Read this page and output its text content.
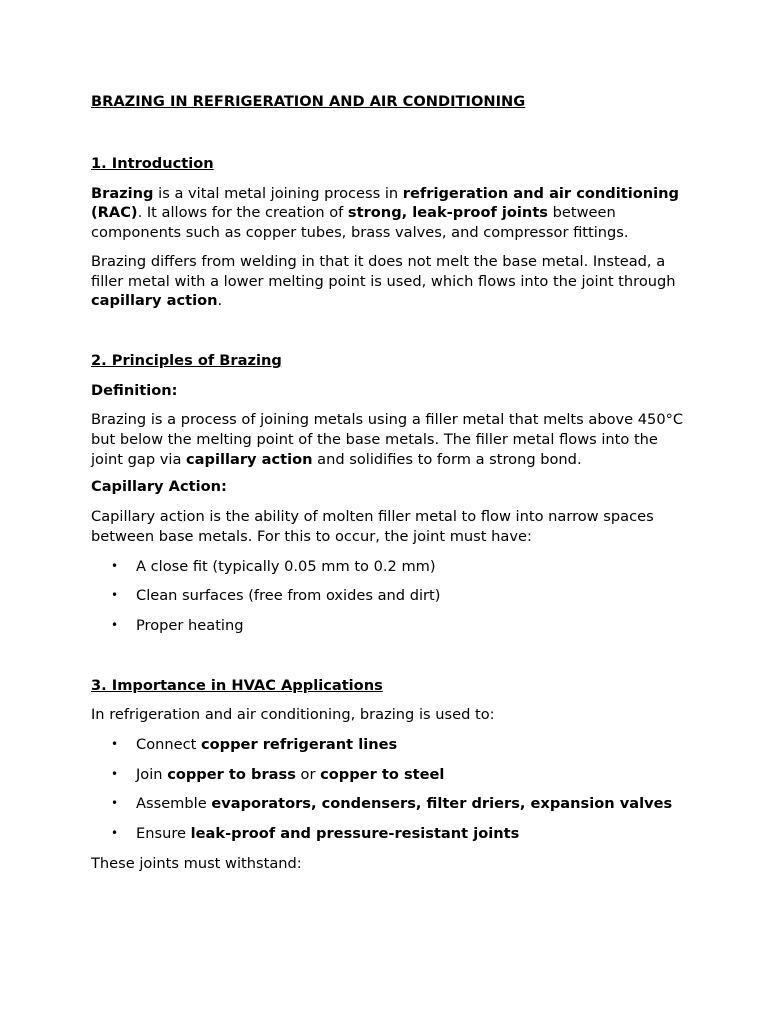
BRAZING IN REFRIGERATION AND AIR CONDITIONING

1. Introduction

Brazing is a vital metal joining process in refrigeration and air conditioning (RAC). It allows for the creation of strong, leak-proof joints between components such as copper tubes, brass valves, and compressor fittings.

Brazing differs from welding in that it does not melt the base metal. Instead, a filler metal with a lower melting point is used, which flows into the joint through capillary action.

2. Principles of Brazing
Definition:

Brazing is a process of joining metals using a filler metal that melts above 450°C but below the melting point of the base metals. The filler metal flows into the joint gap via capillary action and solidifies to form a strong bond.

Capillary Action:

Capillary action is the ability of molten filler metal to flow into narrow spaces between base metals. For this to occur, the joint must have:

• A close fit (typically 0.05 mm to 0.2 mm)
• Clean surfaces (free from oxides and dirt)
• Proper heating
3. Importance in HVAC Applications

In refrigeration and air conditioning, brazing is used to:

• Connect copper refrigerant lines
• Join copper to brass or copper to steel
• Assemble evaporators, condensers, filter driers, expansion valves
• Ensure leak-proof and pressure-resistant joints

These joints must withstand:
